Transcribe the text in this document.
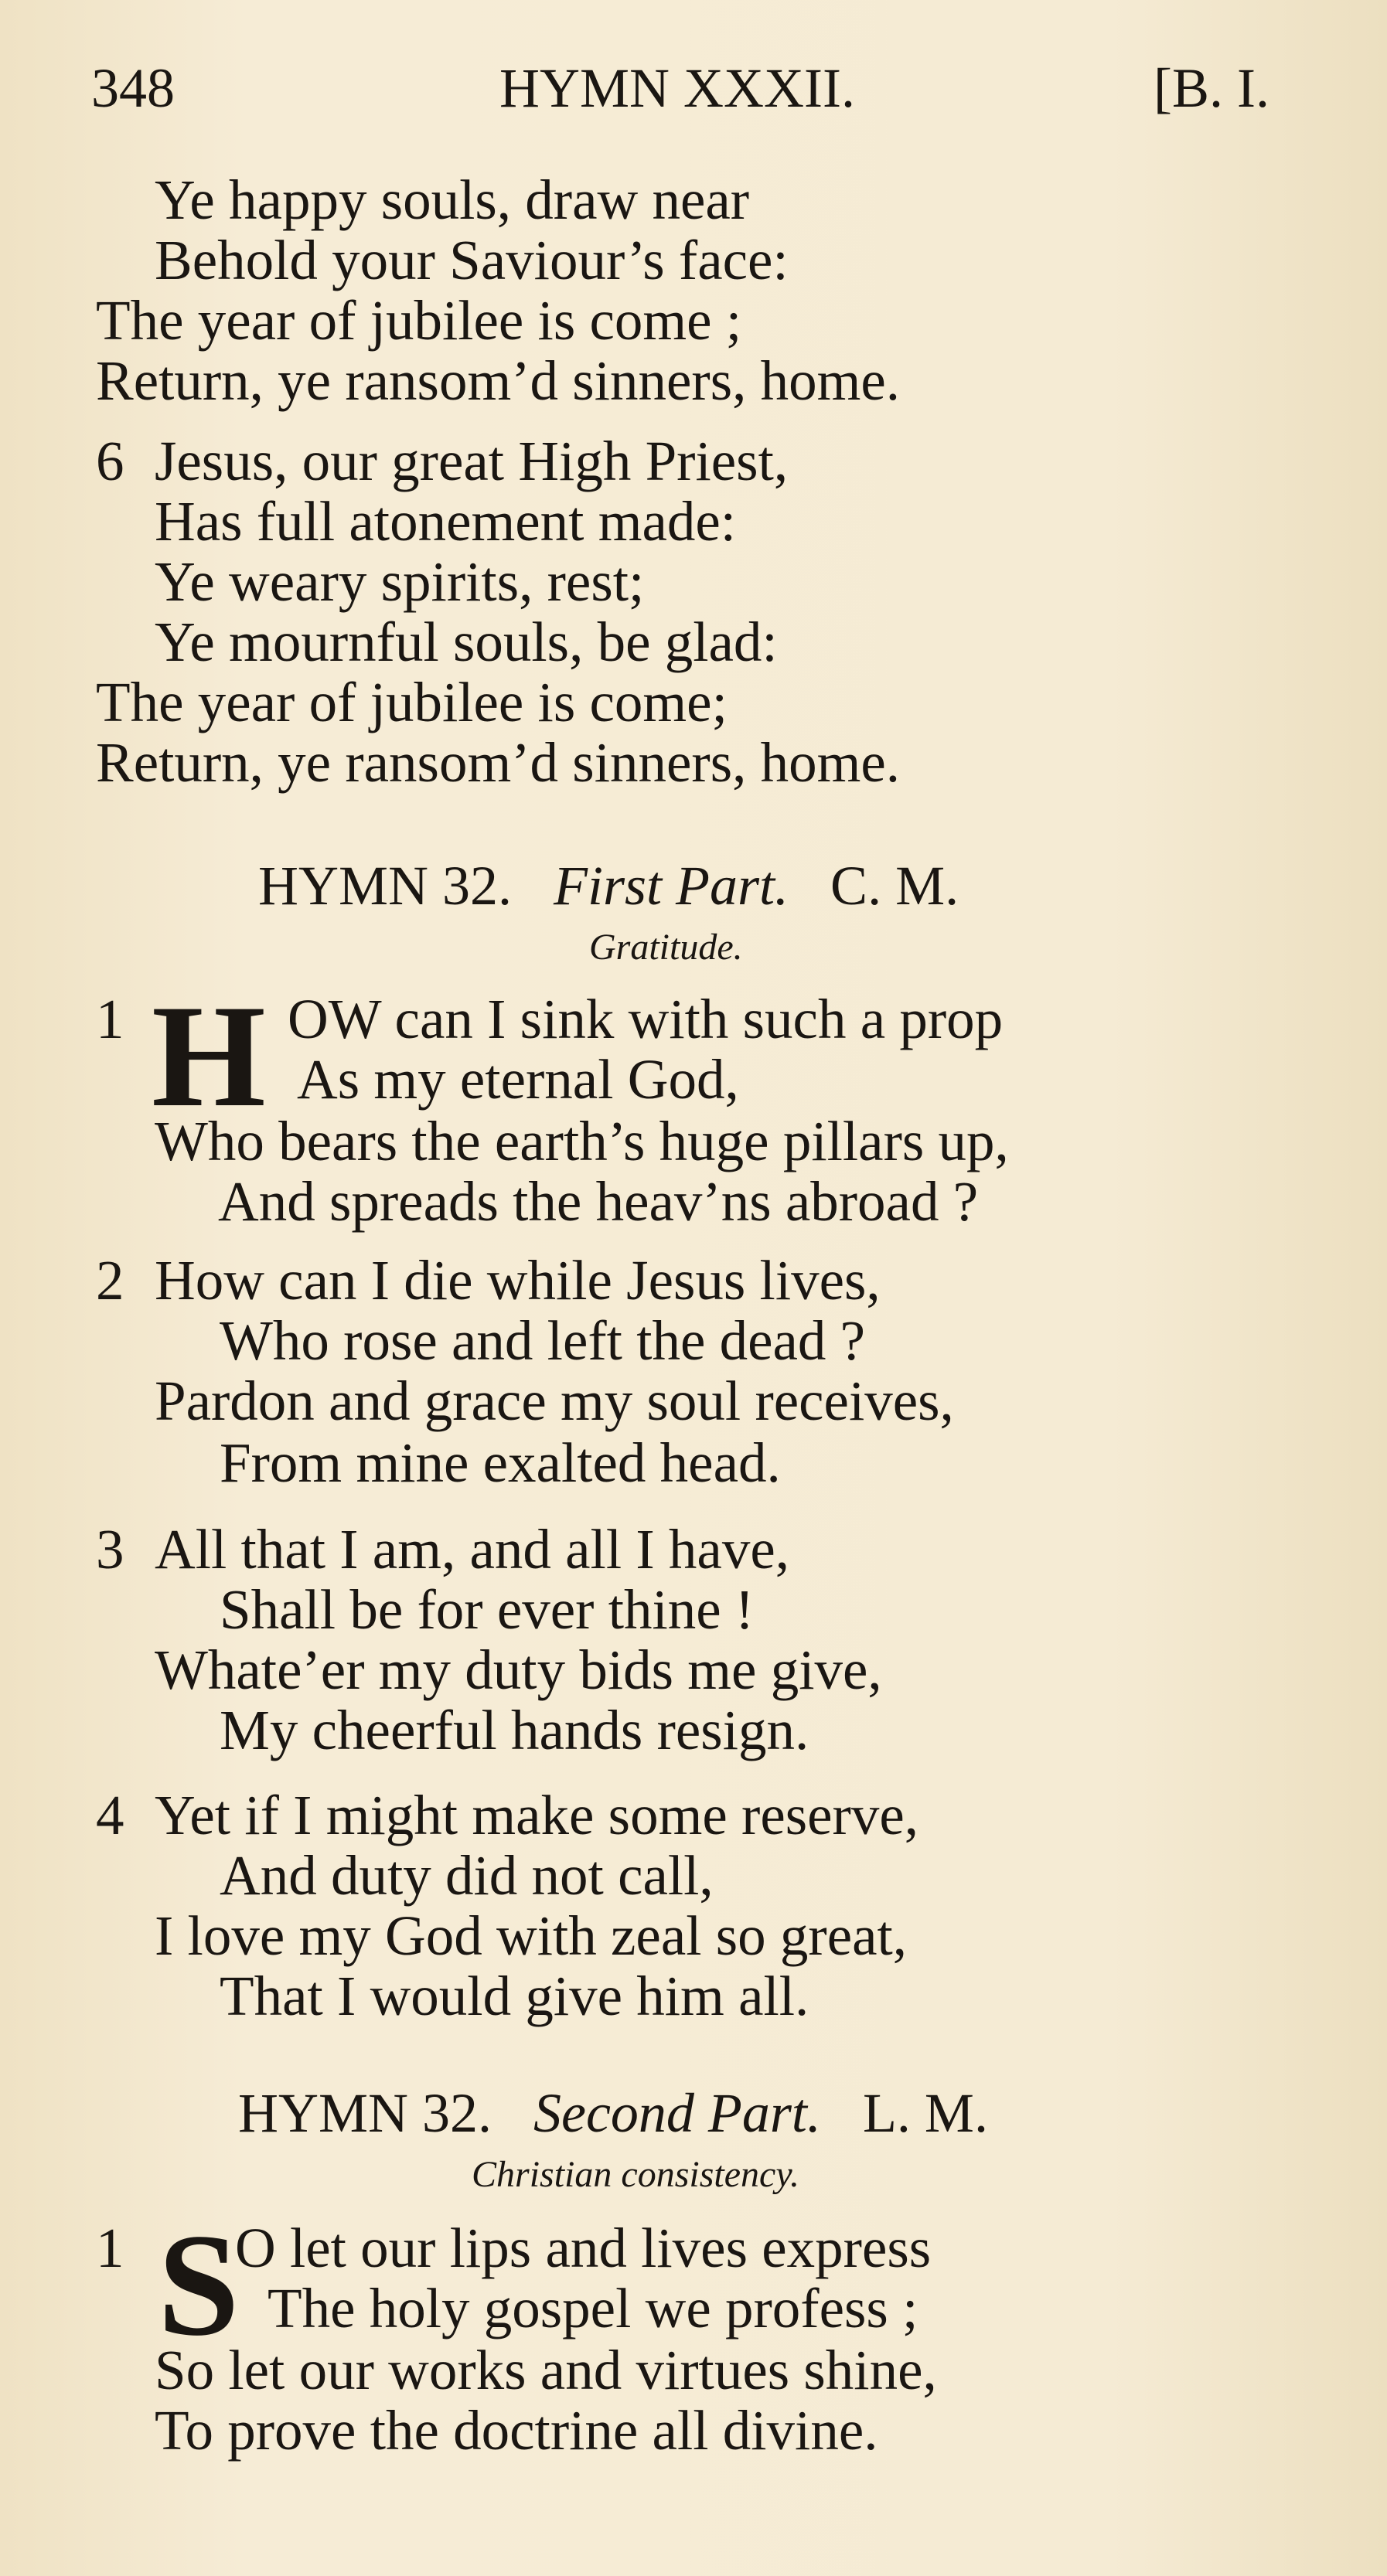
348	HYMN XXXII.	[B. I.
Ye happy souls, draw near
Behold your Saviour’s face:
The year of jubilee is come ;
Return, ye ransom’d sinners, home.
6 Jesus, our great High Priest,
Has full atonement made:
Ye weary spirits, rest;
Ye mournful souls, be glad:
The year of jubilee is come;
Return, ye ransom’d sinners, home.
HYMN 32. First Part. C. M.
Gratitude.
1 H OW can I sink with such a prop
As my eternal God,
Who bears the earth’s huge pillars up,
And spreads the heav’ns abroad ?
2 How can I die while Jesus lives,
Who rose and left the dead ?
Pardon and grace my soul receives,
From mine exalted head.
3 All that I am, and all I have,
Shall be for ever thine !
Whate’er my duty bids me give,
My cheerful hands resign.
4 Yet if I might make some reserve,
And duty did not call,
I love my God with zeal so great,
That I would give him all.
HYMN 32. Second Part. L. M.
Christian consistency.
1 S
O let our lips and lives express
The holy gospel we profess ;
So let our works and virtues shine,
To prove the doctrine all divine.
